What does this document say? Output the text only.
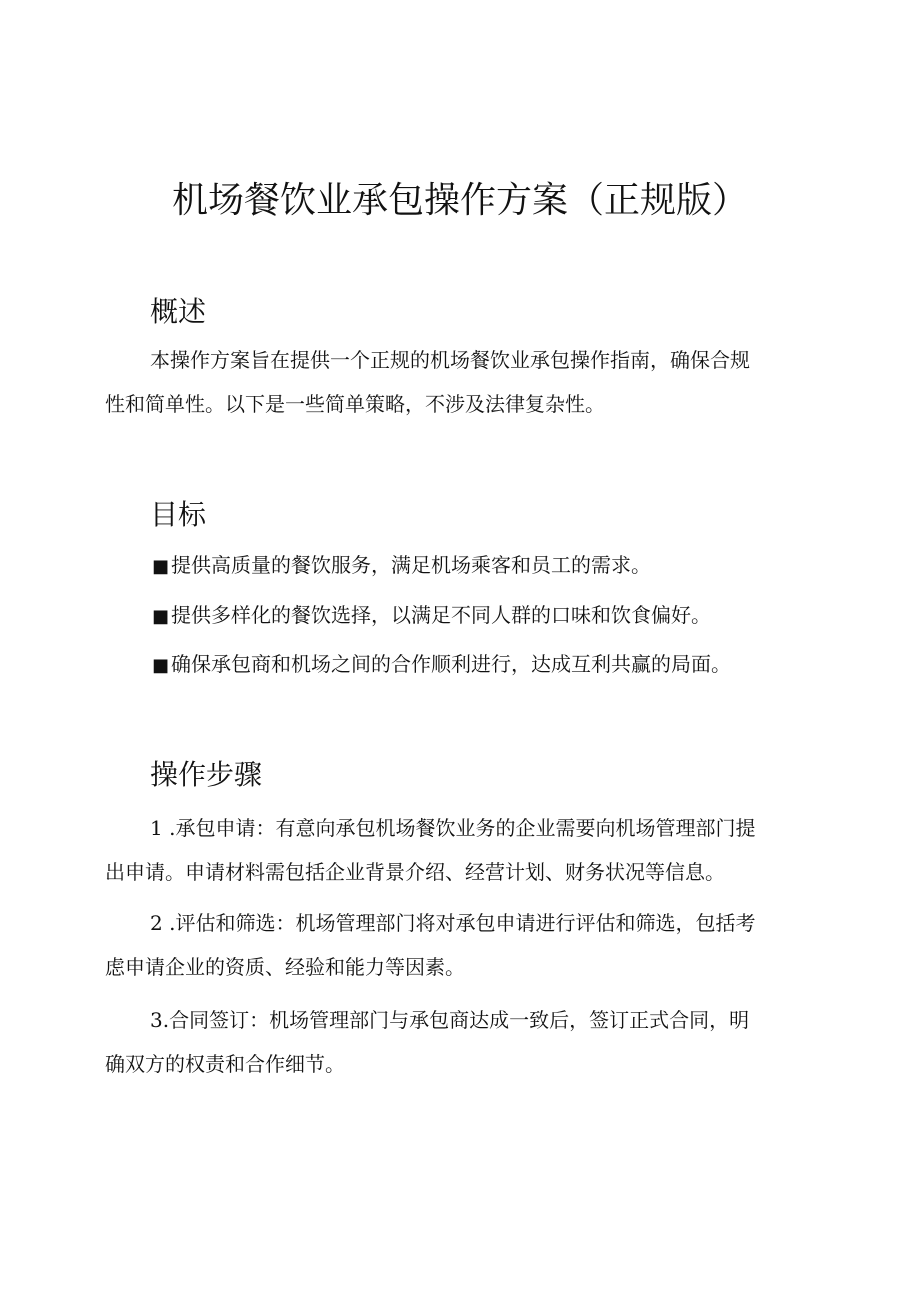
机场餐饮业承包操作方案（正规版）
概述

本操作方案旨在提供一个正规的机场餐饮业承包操作指南，确保合规
性和简单性。以下是一些简单策略，不涉及法律复杂性。

目标

■ 提供高质量的餐饮服务，满足机场乘客和员工的需求。

■ 提供多样化的餐饮选择，以满足不同人群的口味和饮食偏好。

■ 确保承包商和机场之间的合作顺利进行，达成互利共赢的局面。

操作步骤

1 .承包申请：有意向承包机场餐饮业务的企业需要向机场管理部门提
出申请。申请材料需包括企业背景介绍、经营计划、财务状况等信息。

2 .评估和筛选：机场管理部门将对承包申请进行评估和筛选，包括考
虑申请企业的资质、经验和能力等因素。

3.合同签订：机场管理部门与承包商达成一致后，签订正式合同，明
确双方的权责和合作细节。
